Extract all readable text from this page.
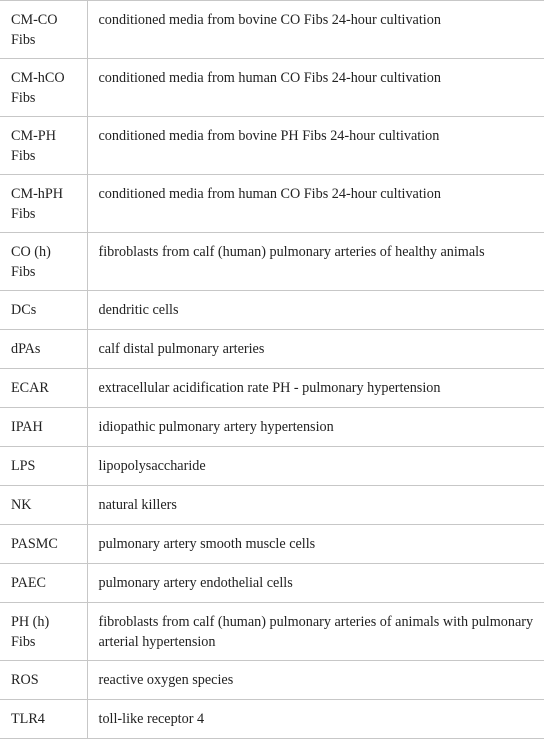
CM-CO Fibs	conditioned media from bovine CO Fibs 24-hour cultivation
CM-hCO Fibs	conditioned media from human CO Fibs 24-hour cultivation
CM-PH Fibs	conditioned media from bovine PH Fibs 24-hour cultivation
CM-hPH Fibs	conditioned media from human CO Fibs 24-hour cultivation
CO (h) Fibs	fibroblasts from calf (human) pulmonary arteries of healthy animals
DCs	dendritic cells
dPAs	calf distal pulmonary arteries
ECAR	extracellular acidification rate PH - pulmonary hypertension
IPAH	idiopathic pulmonary artery hypertension
LPS	lipopolysaccharide
NK	natural killers
PASMC	pulmonary artery smooth muscle cells
PAEC	pulmonary artery endothelial cells
PH (h) Fibs	fibroblasts from calf (human) pulmonary arteries of animals with pulmonary arterial hypertension
ROS	reactive oxygen species
TLR4	toll-like receptor 4
